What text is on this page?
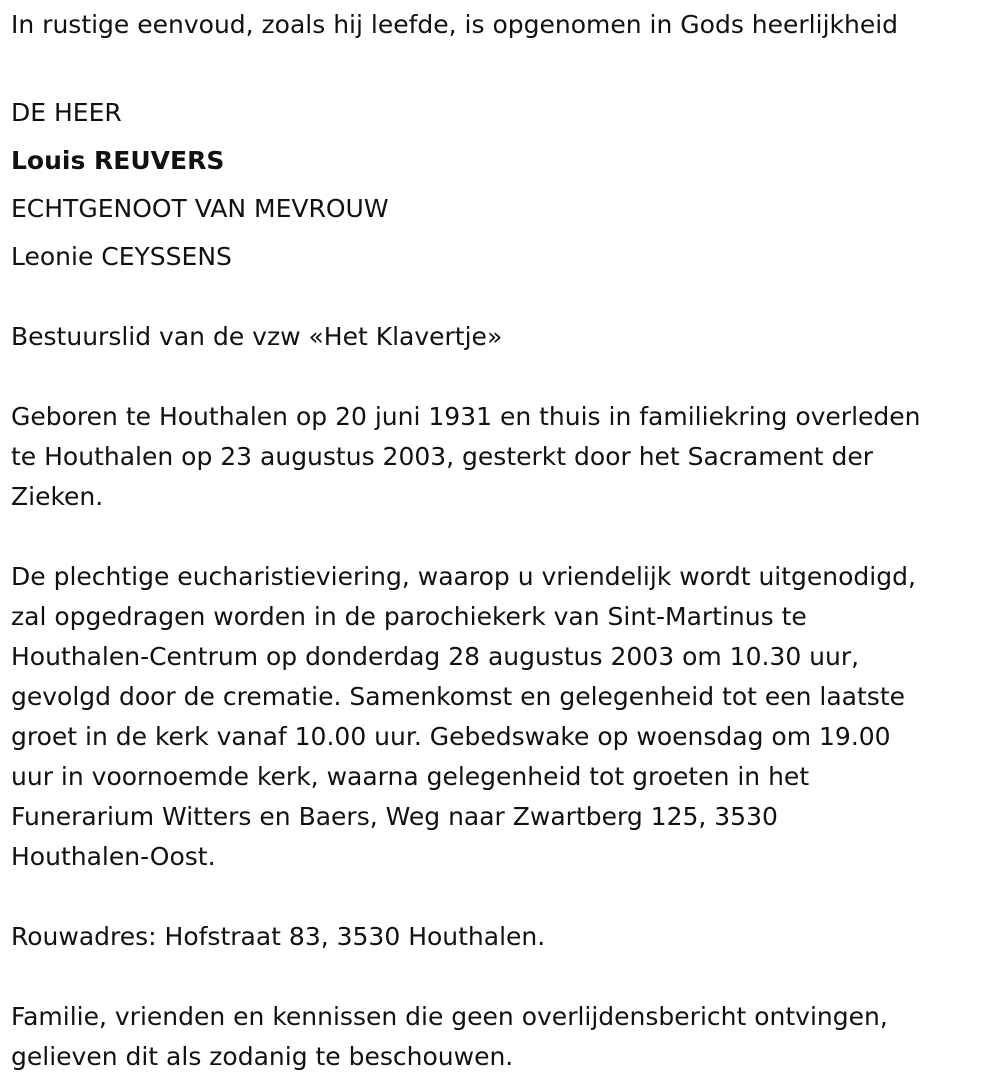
In rustige eenvoud, zoals hij leefde, is opgenomen in Gods heerlijkheid

DE HEER

Louis REUVERS

ECHTGENOOT VAN MEVROUW

Leonie CEYSSENS

Bestuurslid van de vzw «Het Klavertje»

Geboren te Houthalen op 20 juni 1931 en thuis in familiekring overleden
te Houthalen op 23 augustus 2003, gesterkt door het Sacrament der
Zieken.

De plechtige eucharistieviering, waarop u vriendelijk wordt uitgenodigd,
zal opgedragen worden in de parochiekerk van Sint-Martinus te
Houthalen-Centrum op donderdag 28 augustus 2003 om 10.30 uur,
gevolgd door de crematie. Samenkomst en gelegenheid tot een laatste
groet in de kerk vanaf 10.00 uur. Gebedswake op woensdag om 19.00
uur in voornoemde kerk, waarna gelegenheid tot groeten in het
Funerarium Witters en Baers, Weg naar Zwartberg 125, 3530
Houthalen-Oost.

Rouwadres: Hofstraat 83, 3530 Houthalen.

Familie, vrienden en kennissen die geen overlijdensbericht ontvingen,
gelieven dit als zodanig te beschouwen.
